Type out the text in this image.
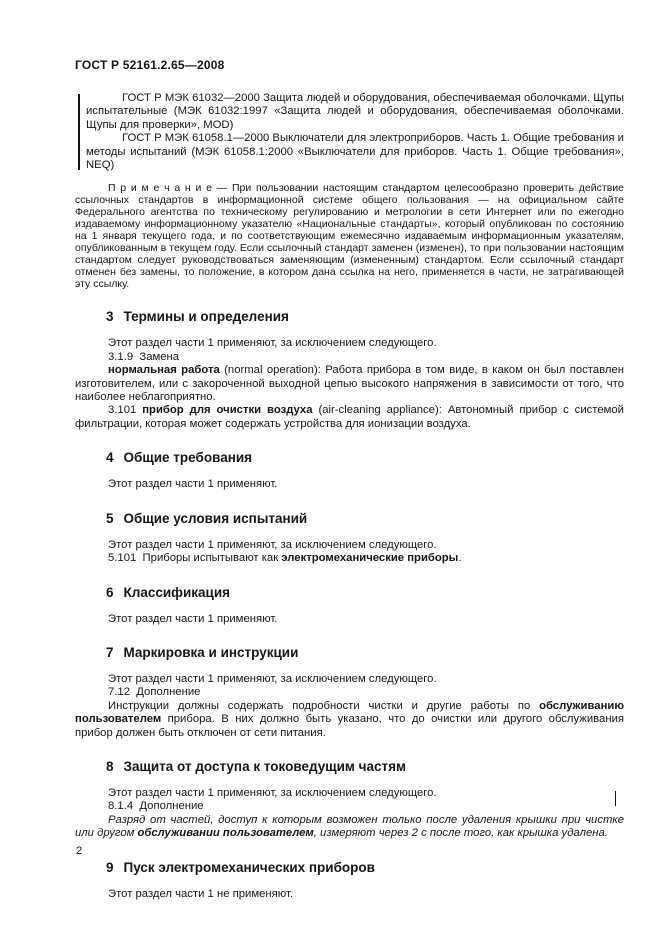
ГОСТ Р 52161.2.65—2008

ГОСТ Р МЭК 61032—2000 Защита людей и оборудования, обеспечиваемая оболочками. Щупы испытательные (МЭК 61032:1997 «Защита людей и оборудования, обеспечиваемая оболочками. Щупы для проверки», MOD)

ГОСТ Р МЭК 61058.1—2000 Выключатели для электроприборов. Часть 1. Общие требования и методы испытаний (МЭК 61058.1:2000 «Выключатели для приборов. Часть 1. Общие требования», NEQ)

П р и м е ч а н и е — При пользовании настоящим стандартом целесообразно проверить действие ссылочных стандартов в информационной системе общего пользования — на официальном сайте Федерального агентства по техническому регулированию и метрологии в сети Интернет или по ежегодно издаваемому информационному указателю «Национальные стандарты», который опубликован по состоянию на 1 января текущего года, и по соответствующим ежемесячно издаваемым информационным указателям, опубликованным в текущем году. Если ссылочный стандарт заменен (изменен), то при пользовании настоящим стандартом следует руководствоваться заменяющим (измененным) стандартом. Если ссылочный стандарт отменен без замены, то положение, в котором дана ссылка на него, применяется в части, не затрагивающей эту ссылку.

3 Термины и определения

Этот раздел части 1 применяют, за исключением следующего.

3.1.9  Замена

нормальная работа (normal operation): Работа прибора в том виде, в каком он был поставлен изготовителем, или с закороченной выходной цепью высокого напряжения в зависимости от того, что наиболее неблагоприятно.

3.101 прибор для очистки воздуха (air-cleaning appliance): Автономный прибор с системой фильтрации, которая может содержать устройства для ионизации воздуха.

4 Общие требования

Этот раздел части 1 применяют.

5 Общие условия испытаний

Этот раздел части 1 применяют, за исключением следующего.

5.101  Приборы испытывают как электромеханические приборы.

6 Классификация

Этот раздел части 1 применяют.

7 Маркировка и инструкции

Этот раздел части 1 применяют, за исключением следующего.

7.12  Дополнение

Инструкции должны содержать подробности чистки и другие работы по обслуживанию пользователем прибора. В них должно быть указано, что до очистки или другого обслуживания прибор должен быть отключен от сети питания.

8 Защита от доступа к токоведущим частям

Этот раздел части 1 применяют, за исключением следующего.

8.1.4  Дополнение

Разряд от частей, доступ к которым возможен только после удаления крышки при чистке или другом обслуживании пользователем, измеряют через 2 с после того, как крышка удалена.

9 Пуск электромеханических приборов

Этот раздел части 1 не применяют.

2
